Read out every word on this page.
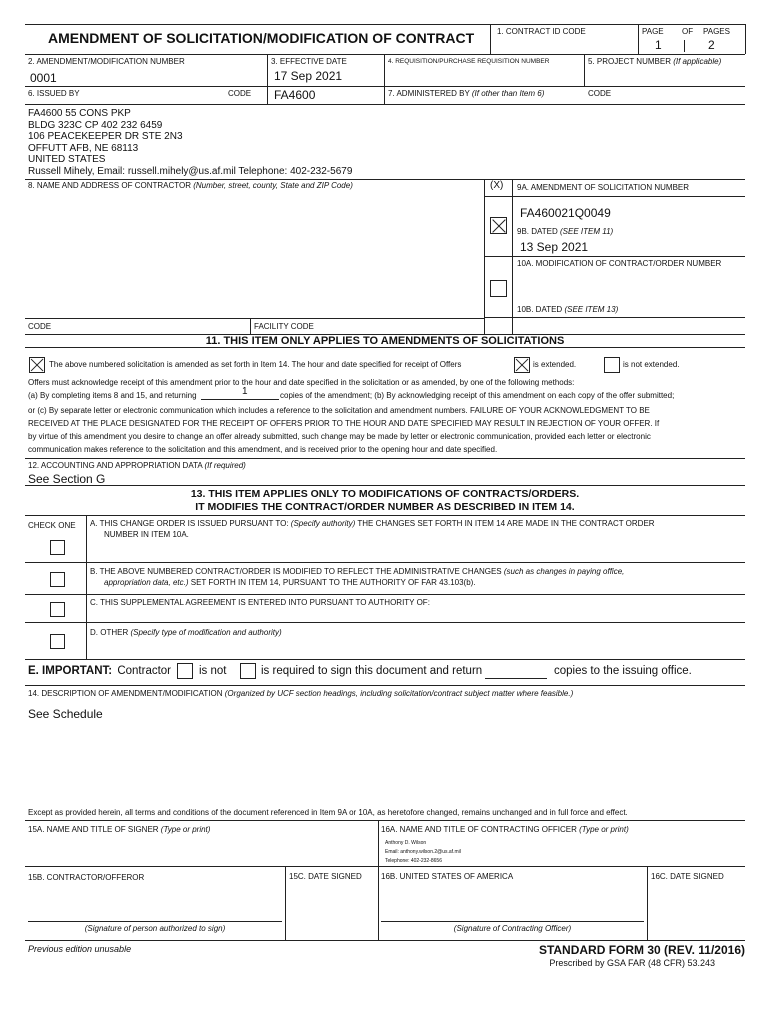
AMENDMENT OF SOLICITATION/MODIFICATION OF CONTRACT	1. CONTRACT ID CODE	PAGE OF PAGES
1	2
2. AMENDMENT/MODIFICATION NUMBER
0001
3. EFFECTIVE DATE
17 Sep 2021
4. REQUISITION/PURCHASE REQUISITION NUMBER	5. PROJECT NUMBER (If applicable)
6. ISSUED BY	CODE FA4600	7. ADMINISTERED BY (If other than Item 6)	CODE
FA4600 55 CONS PKP
BLDG 323C CP 402 232 6459
106 PEACEKEEPER DR STE 2N3
OFFUTT AFB, NE 68113
UNITED STATES
Russell Mihely, Email: russell.mihely@us.af.mil Telephone: 402-232-5679
8. NAME AND ADDRESS OF CONTRACTOR (Number, street, county, State and ZIP Code)	(X) 9A. AMENDMENT OF SOLICITATION NUMBER
FA460021Q0049
9B. DATED (SEE ITEM 11)
13 Sep 2021
10A. MODIFICATION OF CONTRACT/ORDER NUMBER
10B. DATED (SEE ITEM 13)
CODE	FACILITY CODE
11. THIS ITEM ONLY APPLIES TO AMENDMENTS OF SOLICITATIONS
The above numbered solicitation is amended as set forth in Item 14. The hour and date specified for receipt of Offers	is extended.	is not extended.
Offers must acknowledge receipt of this amendment prior to the hour and date specified in the solicitation or as amended, by one of the following methods:
(a) By completing items 8 and 15, and returning	1	copies of the amendment; (b) By acknowledging receipt of this amendment on each copy of the offer submitted;
or (c) By separate letter or electronic communication which includes a reference to the solicitation and amendment numbers. FAILURE OF YOUR ACKNOWLEDGMENT TO BE
RECEIVED AT THE PLACE DESIGNATED FOR THE RECEIPT OF OFFERS PRIOR TO THE HOUR AND DATE SPECIFIED MAY RESULT IN REJECTION OF YOUR OFFER. If
by virtue of this amendment you desire to change an offer already submitted, such change may be made by letter or electronic communication, provided each letter or electronic
communication makes reference to the solicitation and this amendment, and is received prior to the opening hour and date specified.
12. ACCOUNTING AND APPROPRIATION DATA (If required)
See Section G
13. THIS ITEM APPLIES ONLY TO MODIFICATIONS OF CONTRACTS/ORDERS.
IT MODIFIES THE CONTRACT/ORDER NUMBER AS DESCRIBED IN ITEM 14.
CHECK ONE A. THIS CHANGE ORDER IS ISSUED PURSUANT TO: (Specify authority) THE CHANGES SET FORTH IN ITEM 14 ARE MADE IN THE CONTRACT ORDER
NUMBER IN ITEM 10A.
B. THE ABOVE NUMBERED CONTRACT/ORDER IS MODIFIED TO REFLECT THE ADMINISTRATIVE CHANGES (such as changes in paying office,
appropriation data, etc.) SET FORTH IN ITEM 14, PURSUANT TO THE AUTHORITY OF FAR 43.103(b).
C. THIS SUPPLEMENTAL AGREEMENT IS ENTERED INTO PURSUANT TO AUTHORITY OF:
D. OTHER (Specify type of modification and authority)
E. IMPORTANT: Contractor is not	is required to sign this document and return	copies to the issuing office.
14. DESCRIPTION OF AMENDMENT/MODIFICATION (Organized by UCF section headings, including solicitation/contract subject matter where feasible.)
See Schedule
Except as provided herein, all terms and conditions of the document referenced in Item 9A or 10A, as heretofore changed, remains unchanged and in full force and effect.
15A. NAME AND TITLE OF SIGNER (Type or print)	16A. NAME AND TITLE OF CONTRACTING OFFICER (Type or print)
Anthony D. Wilson
Email: anthony.wilson.2@us.af.mil
Telephone: 402-232-8656
15B. CONTRACTOR/OFFEROR	15C. DATE SIGNED 16B. UNITED STATES OF AMERICA	16C. DATE SIGNED
(Signature of person authorized to sign)	(Signature of Contracting Officer)
Previous edition unusable	STANDARD FORM 30 (REV. 11/2016)
Prescribed by GSA FAR (48 CFR) 53.243
